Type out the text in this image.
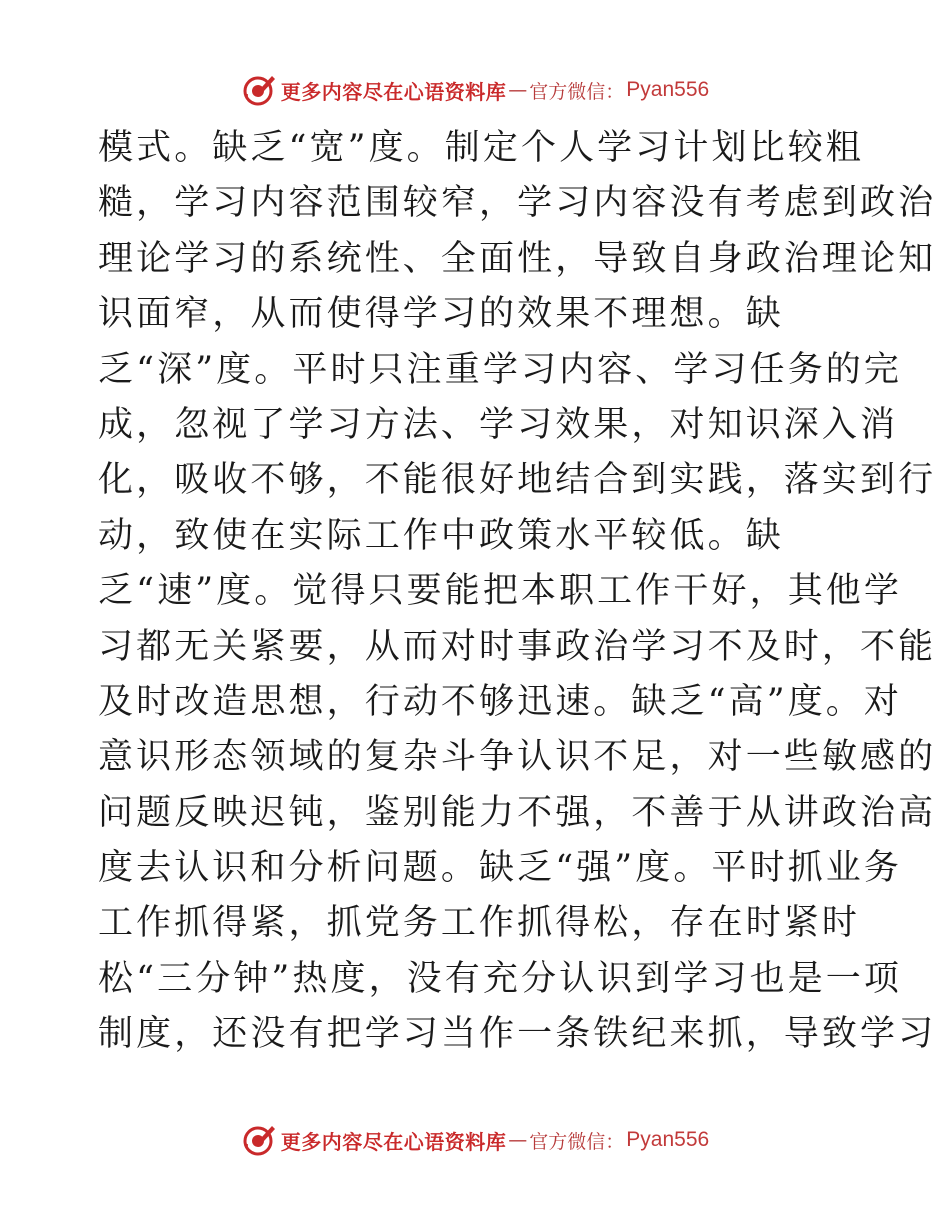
更多内容尽在心语资料库 — 官方微信： Pyan556
模式。缺乏“宽”度。制定个人学习计划比较粗
糙，学习内容范围较窄，学习内容没有考虑到政治
理论学习的系统性、全面性，导致自身政治理论知
识面窄，从而使得学习的效果不理想。缺
乏“深”度。平时只注重学习内容、学习任务的完
成，忽视了学习方法、学习效果，对知识深入消
化，吸收不够，不能很好地结合到实践，落实到行
动，致使在实际工作中政策水平较低。缺
乏“速”度。觉得只要能把本职工作干好，其他学
习都无关紧要，从而对时事政治学习不及时，不能
及时改造思想，行动不够迅速。缺乏“高”度。对
意识形态领域的复杂斗争认识不足，对一些敏感的
问题反映迟钝，鉴别能力不强，不善于从讲政治高
度去认识和分析问题。缺乏“强”度。平时抓业务
工作抓得紧，抓党务工作抓得松，存在时紧时
松“三分钟”热度，没有充分认识到学习也是一项
制度，还没有把学习当作一条铁纪来抓，导致学习
更多内容尽在心语资料库 — 官方微信： Pyan556
